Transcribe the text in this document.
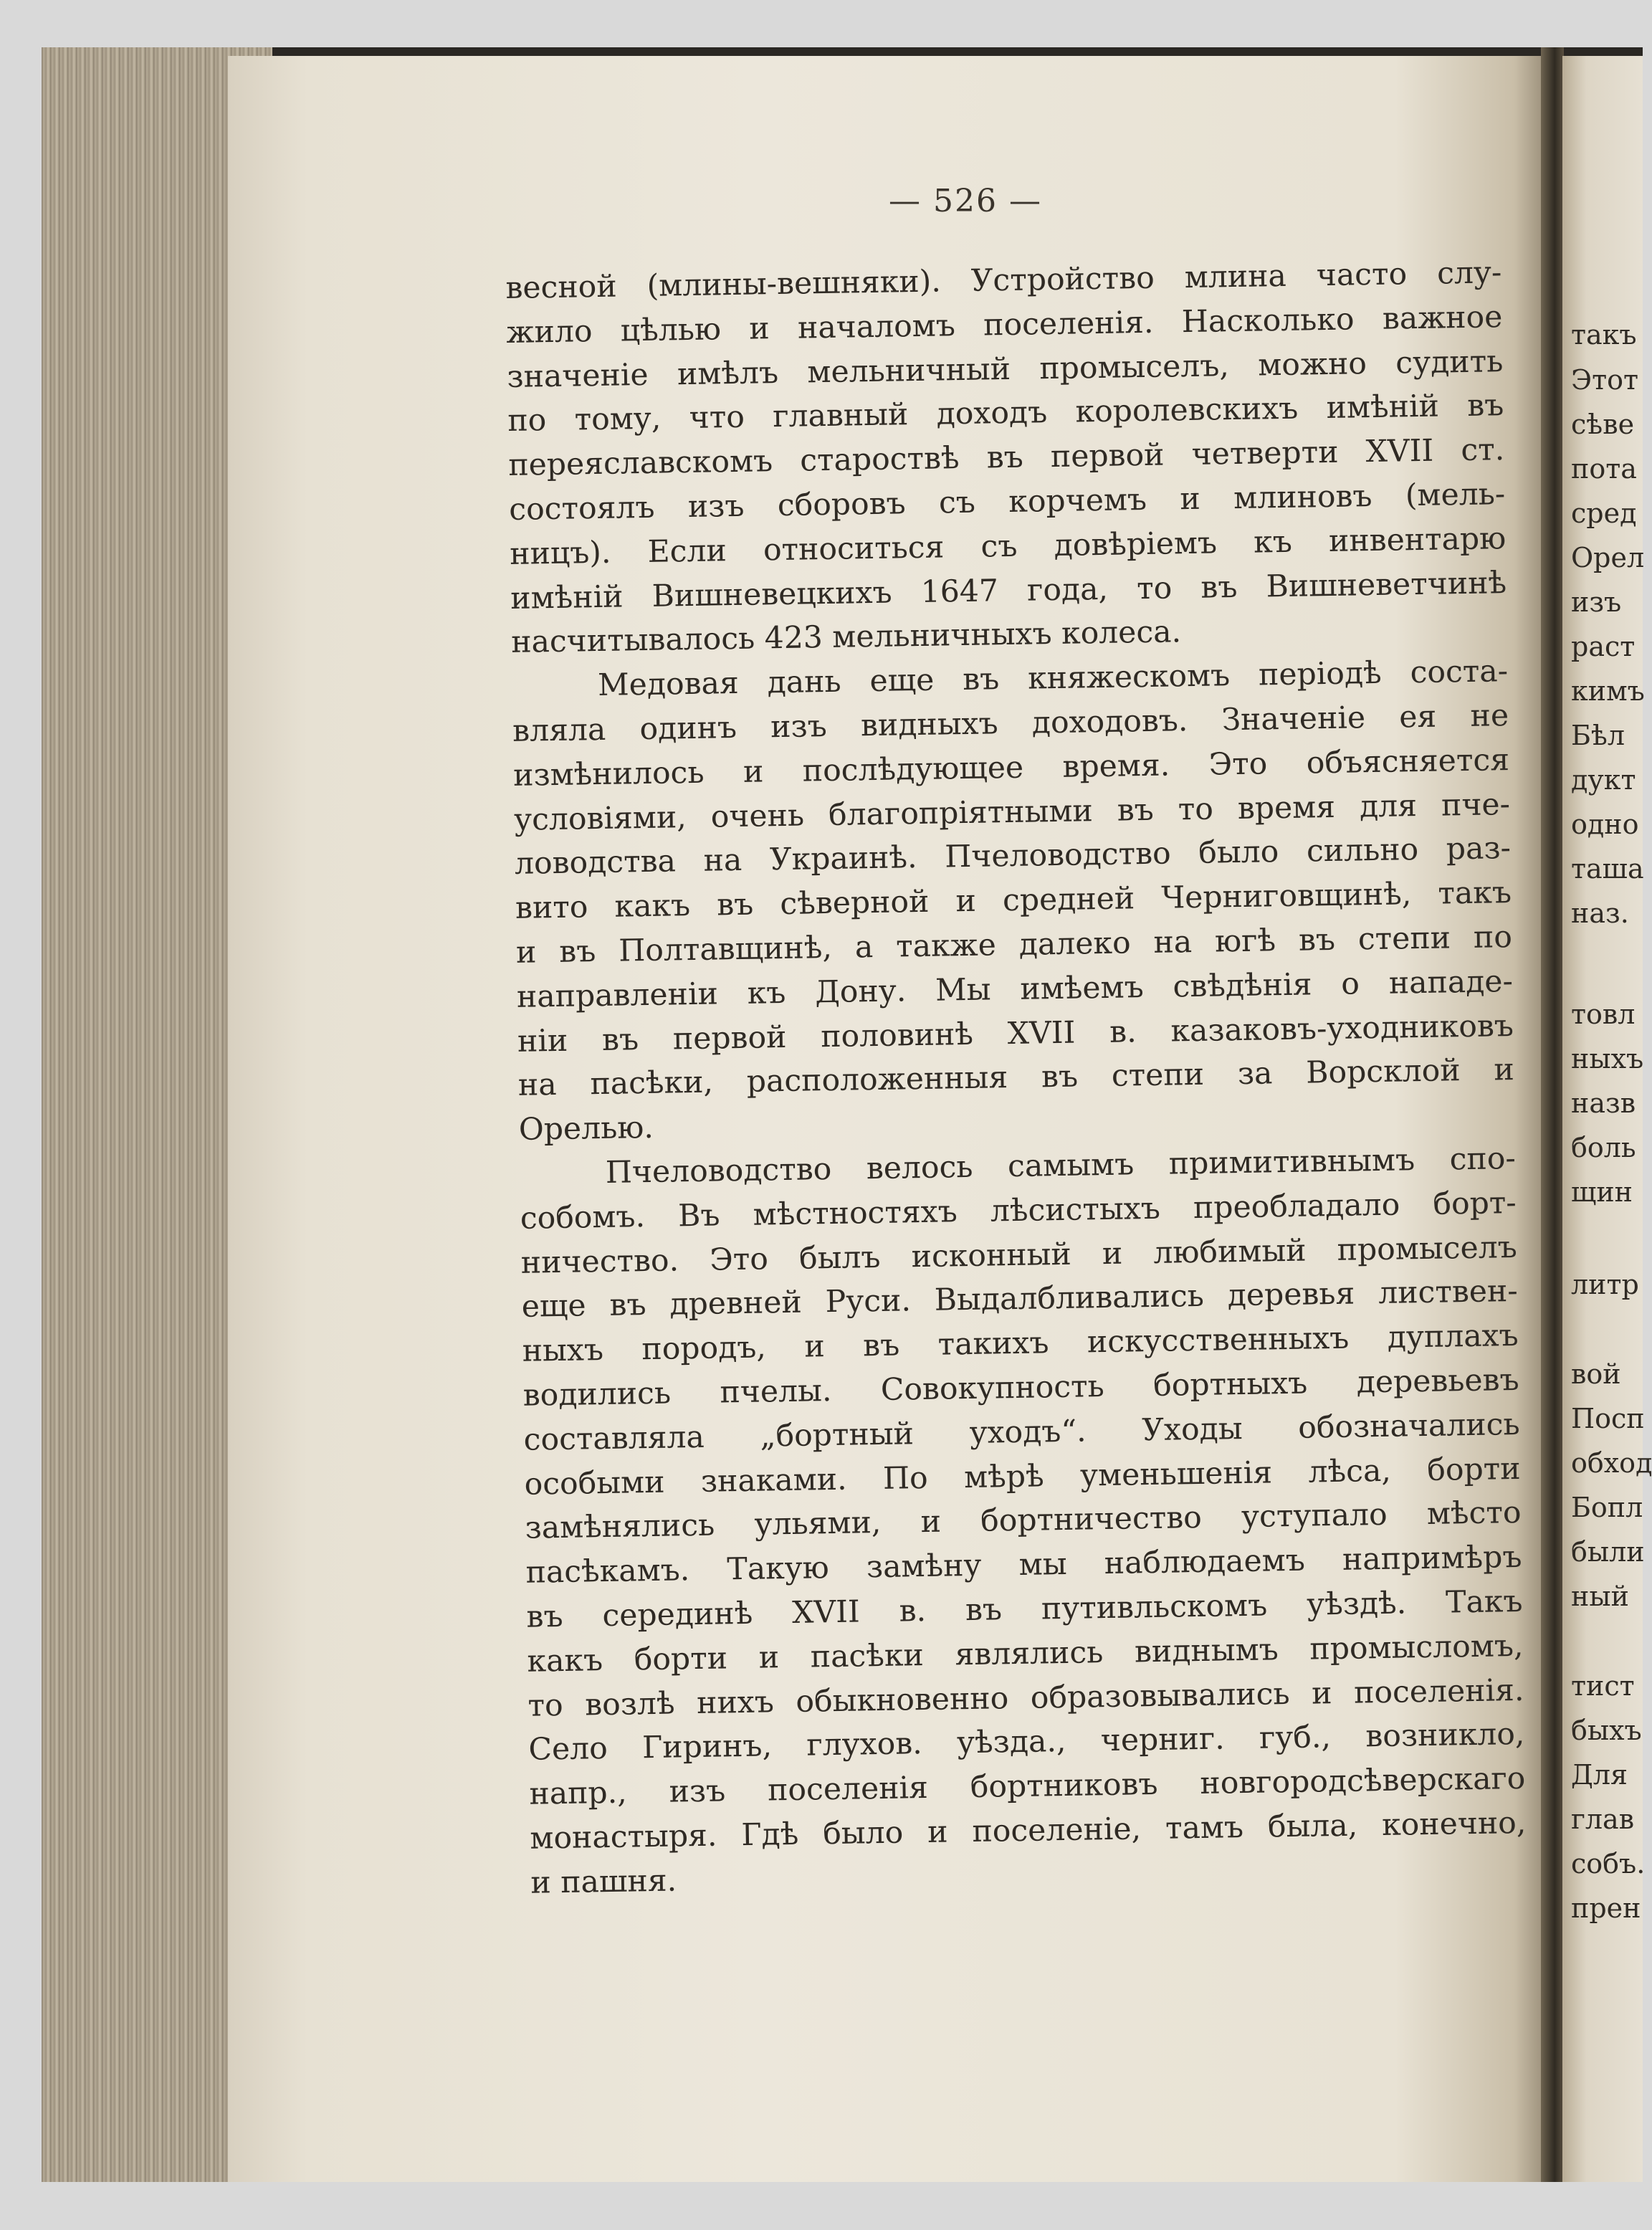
— 526 —
весной (млины-вешняки). Устройство млина часто слу-
жило цѣлью и началомъ поселенія. Насколько важное
значеніе имѣлъ мельничный промыселъ, можно судить
по тому, что главный доходъ королевскихъ имѣній въ
переяславскомъ староствѣ въ первой четверти XVII ст.
состоялъ изъ сборовъ съ корчемъ и млиновъ (мель-
ницъ). Если относиться съ довѣріемъ къ инвентарю
имѣній Вишневецкихъ 1647 года, то въ Вишневетчинѣ
насчитывалось 423 мельничныхъ колеса.
Медовая дань еще въ княжескомъ періодѣ соста-
вляла одинъ изъ видныхъ доходовъ. Значеніе ея не
измѣнилось и послѣдующее время. Это объясняется
условіями, очень благопріятными въ то время для пче-
ловодства на Украинѣ. Пчеловодство было сильно раз-
вито какъ въ сѣверной и средней Черниговщинѣ, такъ
и въ Полтавщинѣ, а также далеко на югѣ въ степи по
направленіи къ Дону. Мы имѣемъ свѣдѣнія о нападе-
ніи въ первой половинѣ XVII в. казаковъ-уходниковъ
на пасѣки, расположенныя въ степи за Ворсклой и
Орелью.
Пчеловодство велось самымъ примитивнымъ спо-
собомъ. Въ мѣстностяхъ лѣсистыхъ преобладало борт-
ничество. Это былъ исконный и любимый промыселъ
еще въ древней Руси. Выдалбливались деревья листвен-
ныхъ породъ, и въ такихъ искусственныхъ дуплахъ
водились пчелы. Совокупность бортныхъ деревьевъ
составляла „бортный уходъ“. Уходы обозначались
особыми знаками. По мѣрѣ уменьшенія лѣса, борти
замѣнялись ульями, и бортничество уступало мѣсто
пасѣкамъ. Такую замѣну мы наблюдаемъ напримѣръ
въ серединѣ XVII в. въ путивльскомъ уѣздѣ. Такъ
какъ борти и пасѣки являлись виднымъ промысломъ,
то возлѣ нихъ обыкновенно образовывались и поселенія.
Село Гиринъ, глухов. уѣзда., черниг. губ., возникло,
напр., изъ поселенія бортниковъ новгородсѣверскаго
монастыря. Гдѣ было и поселеніе, тамъ была, конечно,
и пашня.
такъ
Этот
сѣве
пота
сред
Орел
изъ
раст
кимъ
Бѣл
дукт
одно
таша
наз.
товл
ныхъ
назв
боль
щин
литр
вой
Посп
обход
Бопл
были
ный
тист
быхъ
Для
глав
собъ.
прен
